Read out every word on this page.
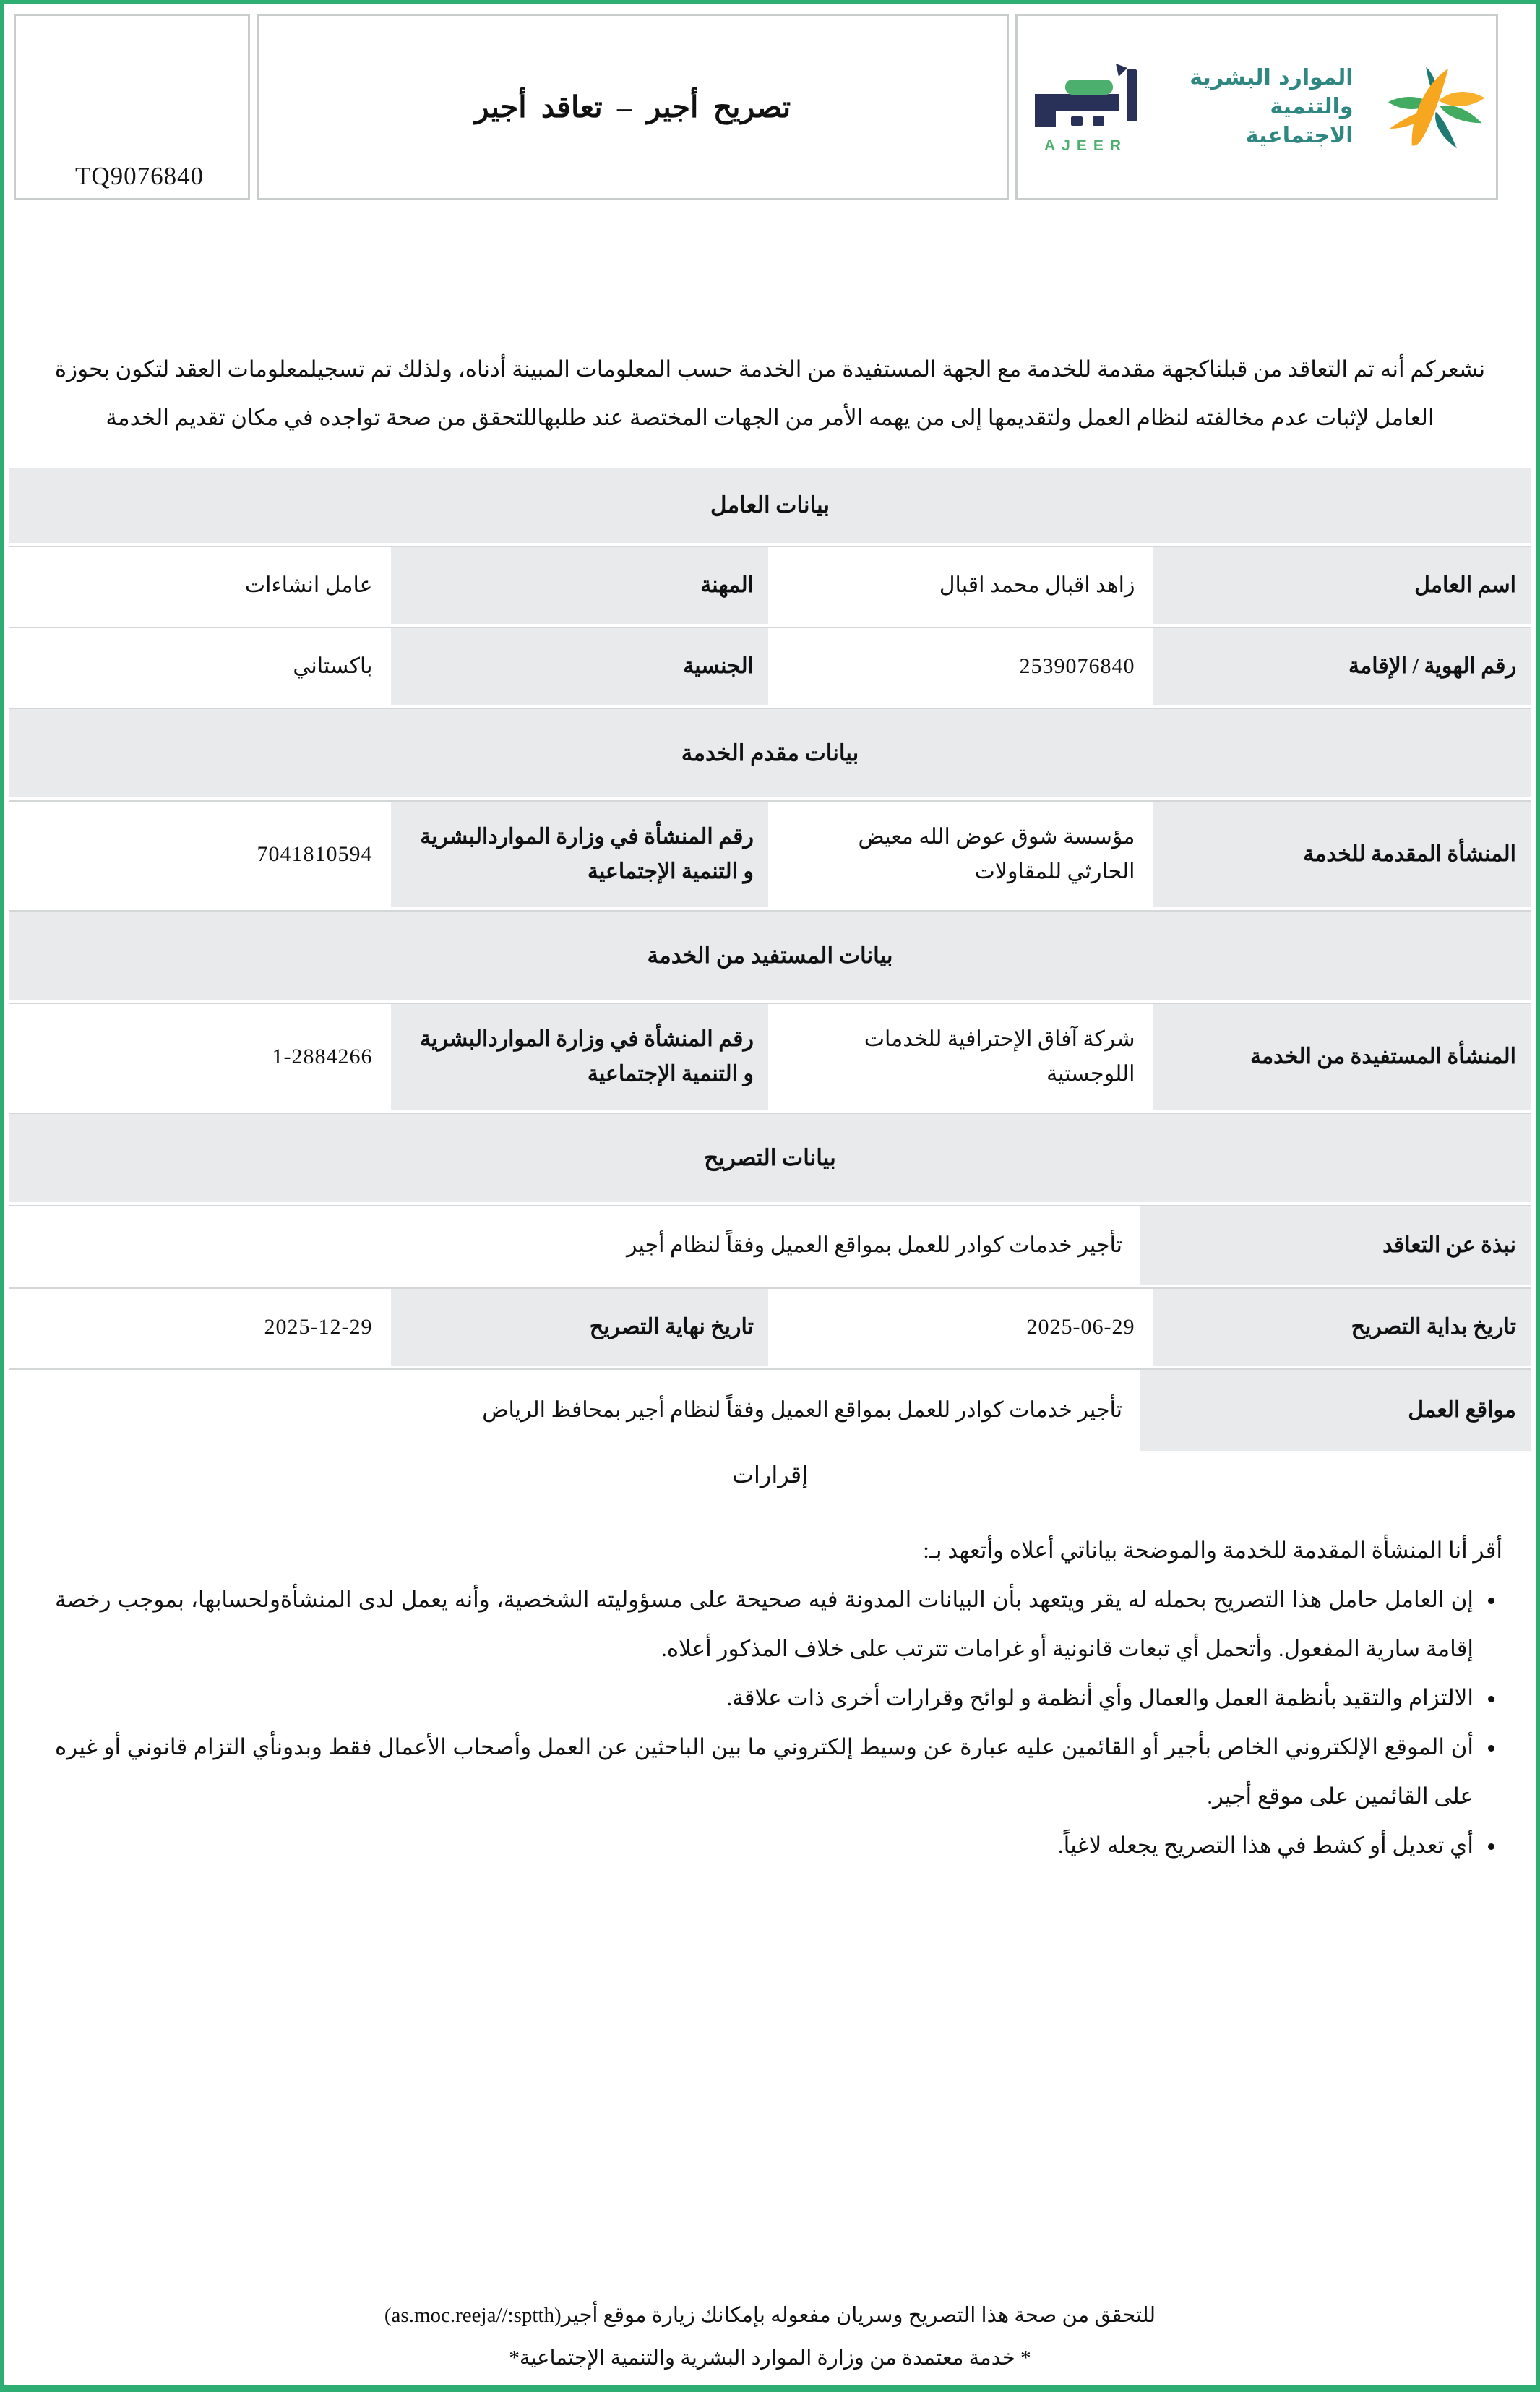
TQ9076840
تصريح أجير – تعاقد أجير
AJEER
الموارد البشرية
والتنمية الاجتماعية

نشعركم أنه تم التعاقد من قبلناكجهة مقدمة للخدمة مع الجهة المستفيدة من الخدمة حسب المعلومات المبينة أدناه، ولذلك تم تسجيلمعلومات العقد لتكون بحوزة العامل لإثبات عدم مخالفته لنظام العمل ولتقديمها إلى من يهمه الأمر من الجهات المختصة عند طلبهاللتحقق من صحة تواجده في مكان تقديم الخدمة

بيانات العامل
اسم العامل
زاهد اقبال محمد اقبال
المهنة
عامل انشاءات
رقم الهوية / الإقامة
2539076840
الجنسية
باكستاني
بيانات مقدم الخدمة
المنشأة المقدمة للخدمة
مؤسسة شوق عوض الله معيض الحارثي للمقاولات
رقم المنشأة في وزارة المواردالبشرية و التنمية الإجتماعية
7041810594
بيانات المستفيد من الخدمة
المنشأة المستفيدة من الخدمة
شركة آفاق الإحترافية للخدمات اللوجستية
رقم المنشأة في وزارة المواردالبشرية و التنمية الإجتماعية
1-2884266
بيانات التصريح
نبذة عن التعاقد
تأجير خدمات كوادر للعمل بمواقع العميل وفقاً لنظام أجير
تاريخ بداية التصريح
2025-06-29
تاريخ نهاية التصريح
2025-12-29
مواقع العمل
تأجير خدمات كوادر للعمل بمواقع العميل وفقاً لنظام أجير بمحافظ الرياض
إقرارات
أقر أنا المنشأة المقدمة للخدمة والموضحة بياناتي أعلاه وأتعهد بـ:
• إن العامل حامل هذا التصريح بحمله له يقر ويتعهد بأن البيانات المدونة فيه صحيحة على مسؤوليته الشخصية، وأنه يعمل لدى المنشأةولحسابها، بموجب رخصة إقامة سارية المفعول. وأتحمل أي تبعات قانونية أو غرامات تترتب على خلاف المذكور أعلاه.
• الالتزام والتقيد بأنظمة العمل والعمال وأي أنظمة و لوائح وقرارات أخرى ذات علاقة.
• أن الموقع الإلكتروني الخاص بأجير أو القائمين عليه عبارة عن وسيط إلكتروني ما بين الباحثين عن العمل وأصحاب الأعمال فقط وبدونأي التزام قانوني أو غيره على القائمين على موقع أجير.
• أي تعديل أو كشط في هذا التصريح يجعله لاغياً.
للتحقق من صحة هذا التصريح وسريان مفعوله بإمكانك زيارة موقع أجير(as.moc.reeja//:sptth)
* خدمة معتمدة من وزارة الموارد البشرية والتنمية الإجتماعية*
